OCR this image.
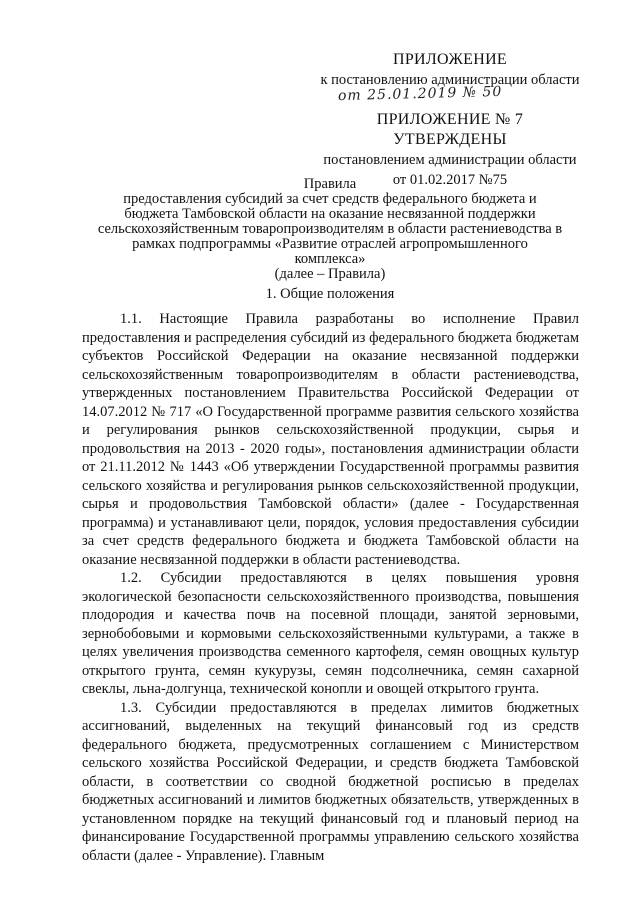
ПРИЛОЖЕНИЕ
к постановлению администрации области
от 25.01.2019 № 50
ПРИЛОЖЕНИЕ № 7
УТВЕРЖДЕНЫ
постановлением администрации области
от 01.02.2017 №75
Правила
предоставления субсидий за счет средств федерального бюджета и
бюджета Тамбовской области на оказание несвязанной поддержки
сельскохозяйственным товаропроизводителям в области растениеводства в
рамках подпрограммы «Развитие отраслей агропромышленного комплекса»
(далее – Правила)
1. Общие положения

1.1. Настоящие Правила разработаны во исполнение Правил предоставления и распределения субсидий из федерального бюджета бюджетам субъектов Российской Федерации на оказание несвязанной поддержки сельскохозяйственным товаропроизводителям в области растениеводства, утвержденных постановлением Правительства Российской Федерации от 14.07.2012 № 717 «О Государственной программе развития сельского хозяйства и регулирования рынков сельскохозяйственной продукции, сырья и продовольствия на 2013 - 2020 годы», постановления администрации области от 21.11.2012 № 1443 «Об утверждении Государственной программы развития сельского хозяйства и регулирования рынков сельскохозяйственной продукции, сырья и продовольствия Тамбовской области» (далее - Государственная программа) и устанавливают цели, порядок, условия предоставления субсидии за счет средств федерального бюджета и бюджета Тамбовской области на оказание несвязанной поддержки в области растениеводства.

1.2. Субсидии предоставляются в целях повышения уровня экологической безопасности сельскохозяйственного производства, повышения плодородия и качества почв на посевной площади, занятой зерновыми, зернобобовыми и кормовыми сельскохозяйственными культурами, а также в целях увеличения производства семенного картофеля, семян овощных культур открытого грунта, семян кукурузы, семян подсолнечника, семян сахарной свеклы, льна-долгунца, технической конопли и овощей открытого грунта.

1.3. Субсидии предоставляются в пределах лимитов бюджетных ассигнований, выделенных на текущий финансовый год из средств федерального бюджета, предусмотренных соглашением с Министерством сельского хозяйства Российской Федерации, и средств бюджета Тамбовской области, в соответствии со сводной бюджетной росписью в пределах бюджетных ассигнований и лимитов бюджетных обязательств, утвержденных в установленном порядке на текущий финансовый год и плановый период на финансирование Государственной программы управлению сельского хозяйства области (далее - Управление). Главным
